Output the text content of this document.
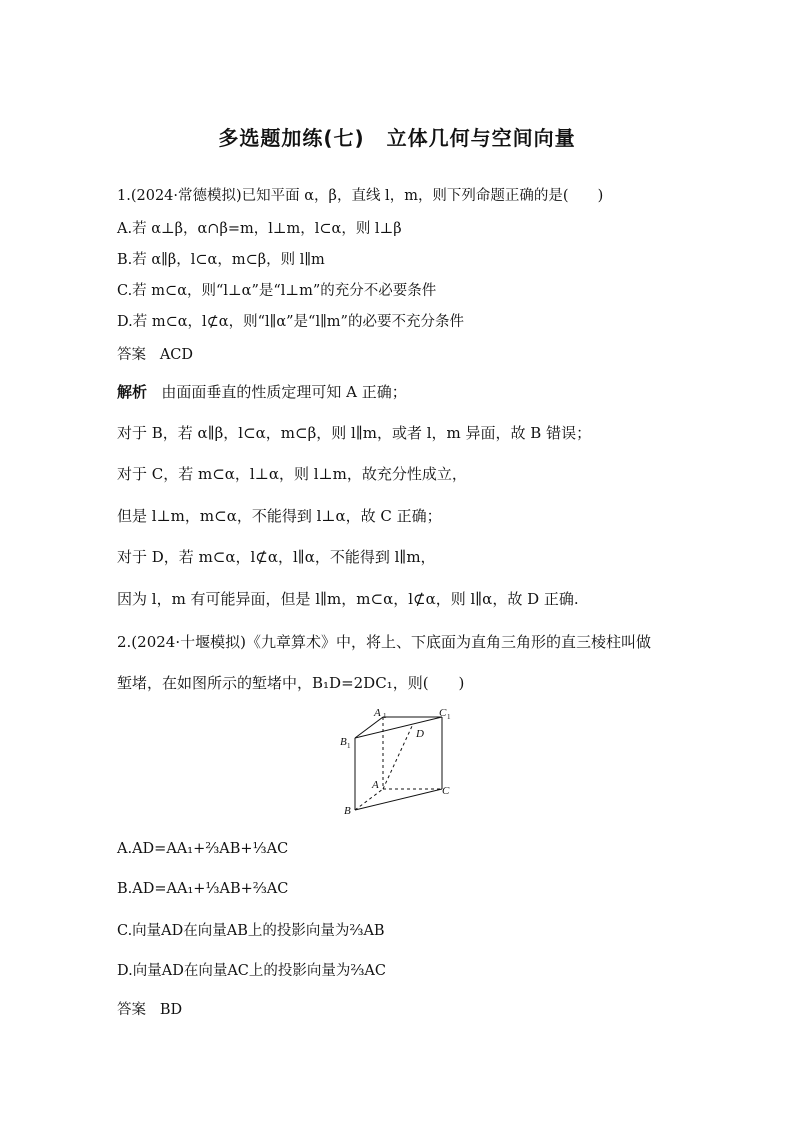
多选题加练(七) 立体几何与空间向量
1.(2024·常德模拟)已知平面 α，β，直线 l，m，则下列命题正确的是(　　)
A.若 α⊥β，α∩β=m，l⊥m，l⊂α，则 l⊥β
B.若 α∥β，l⊂α，m⊂β，则 l∥m
C.若 m⊂α，则“l⊥α”是“l⊥m”的充分不必要条件
D.若 m⊂α，l⊄α，则“l∥α”是“l∥m”的必要不充分条件
答案 ACD
解析 由面面垂直的性质定理可知 A 正确；
对于 B，若 α∥β，l⊂α，m⊂β，则 l∥m，或者 l，m 异面，故 B 错误；
对于 C，若 m⊂α，l⊥α，则 l⊥m，故充分性成立，
但是 l⊥m，m⊂α，不能得到 l⊥α，故 C 正确；
对于 D，若 m⊂α，l⊄α，l∥α，不能得到 l∥m，
因为 l，m 有可能异面，但是 l∥m，m⊂α，l⊄α，则 l∥α，故 D 正确.
2.(2024·十堰模拟)《九章算术》中，将上、下底面为直角三角形的直三棱柱叫做
堑堵，在如图所示的堑堵中，B₁D=2DC₁，则(　　)
A 1	C 1
B 1
D
A	C
B
A.AD=AA₁+⅔AB+⅓AC
B.AD=AA₁+⅓AB+⅔AC
C.向量AD在向量AB上的投影向量为⅔AB
D.向量AD在向量AC上的投影向量为⅔AC
答案 BD
